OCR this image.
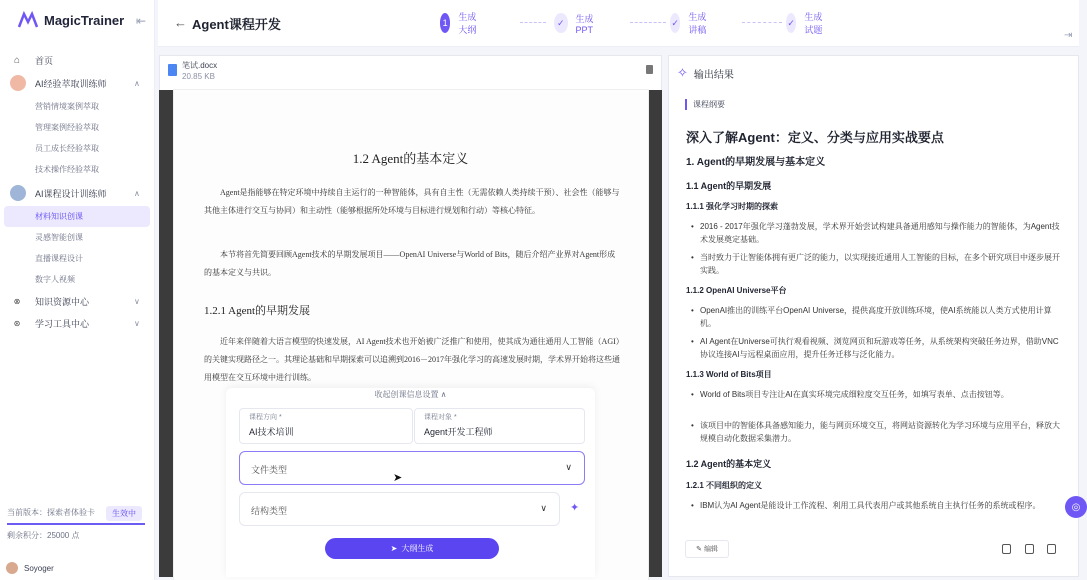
MagicTrainer ⇤
⌂	首页
AI经验萃取训练师	∧
营销情境案例萃取
管理案例经验萃取
员工成长经验萃取
技术操作经验萃取
AI课程设计训练师	∧
材料知识创课
灵感智能创课
直播课程设计
数字人视频
⊗	知识资源中心	∨
⊛	学习工具中心	∨
当前版本：探索者体验卡	生效中
剩余积分：25000 点
Soyoger
← Agent课程开发	1
生成大纲
✓	生成PPT
✓
生成讲稿
✓
生成试题	⇥
笔试.docx
20.85 KB
1.2 Agent的基本定义
Agent是指能够在特定环境中持续自主运行的一种智能体，具有自主性（无需依赖人类持续干预）、社会性（能够与其他主体进行交互与协同）和主动性（能够根据所处环境与目标进行规划和行动）等核心特征。
本节将首先简要回顾Agent技术的早期发展项目——OpenAI Universe与World of Bits，随后介绍产业界对Agent形成的基本定义与共识。
1.2.1 Agent的早期发展
近年来伴随着大语言模型的快速发展，AI Agent技术也开始被广泛推广和使用，使其成为通往通用人工智能（AGI）的关键实现路径之一。其理论基础和早期探索可以追溯到2016－2017年强化学习的高速发展时期，学术界开始将这些通用模型在交互环境中进行训练。
收起创课信息设置 ∧
课程方向 *
AI技术培训
课程对象 *
Agent开发工程师
文件类型	∨
结构类型	∨ ✦
➤ 大纲生成
➤
✧ 输出结果
课程纲要
深入了解Agent：定义、分类与应用实战要点
1. Agent的早期发展与基本定义
1.1 Agent的早期发展
1.1.1 强化学习时期的探索
• 2016 - 2017年强化学习蓬勃发展，学术界开始尝试构建具备通用感知与操作能力的智能体，为Agent技术发展奠定基础。
• 当时致力于让智能体拥有更广泛的能力，以实现接近通用人工智能的目标，在多个研究项目中逐步展开实践。
1.1.2 OpenAI Universe平台
• OpenAI推出的训练平台OpenAI Universe，提供高度开放训练环境，使AI系统能以人类方式使用计算机。
• AI Agent在Universe可执行观看视频、浏览网页和玩游戏等任务，从系统架构突破任务边界，借助VNC协议连接AI与远程桌面应用，提升任务迁移与泛化能力。
1.1.3 World of Bits项目
• World of Bits项目专注让AI在真实环境完成细粒度交互任务，如填写表单、点击按钮等。
• 该项目中的智能体具备感知能力，能与网页环境交互，将网站资源转化为学习环境与应用平台，释放大规模自动化数据采集潜力。
1.2 Agent的基本定义
1.2.1 不同组织的定义
• IBM认为AI Agent是能设计工作流程、利用工具代表用户或其他系统自主执行任务的系统或程序。
✎ 编辑
◎
